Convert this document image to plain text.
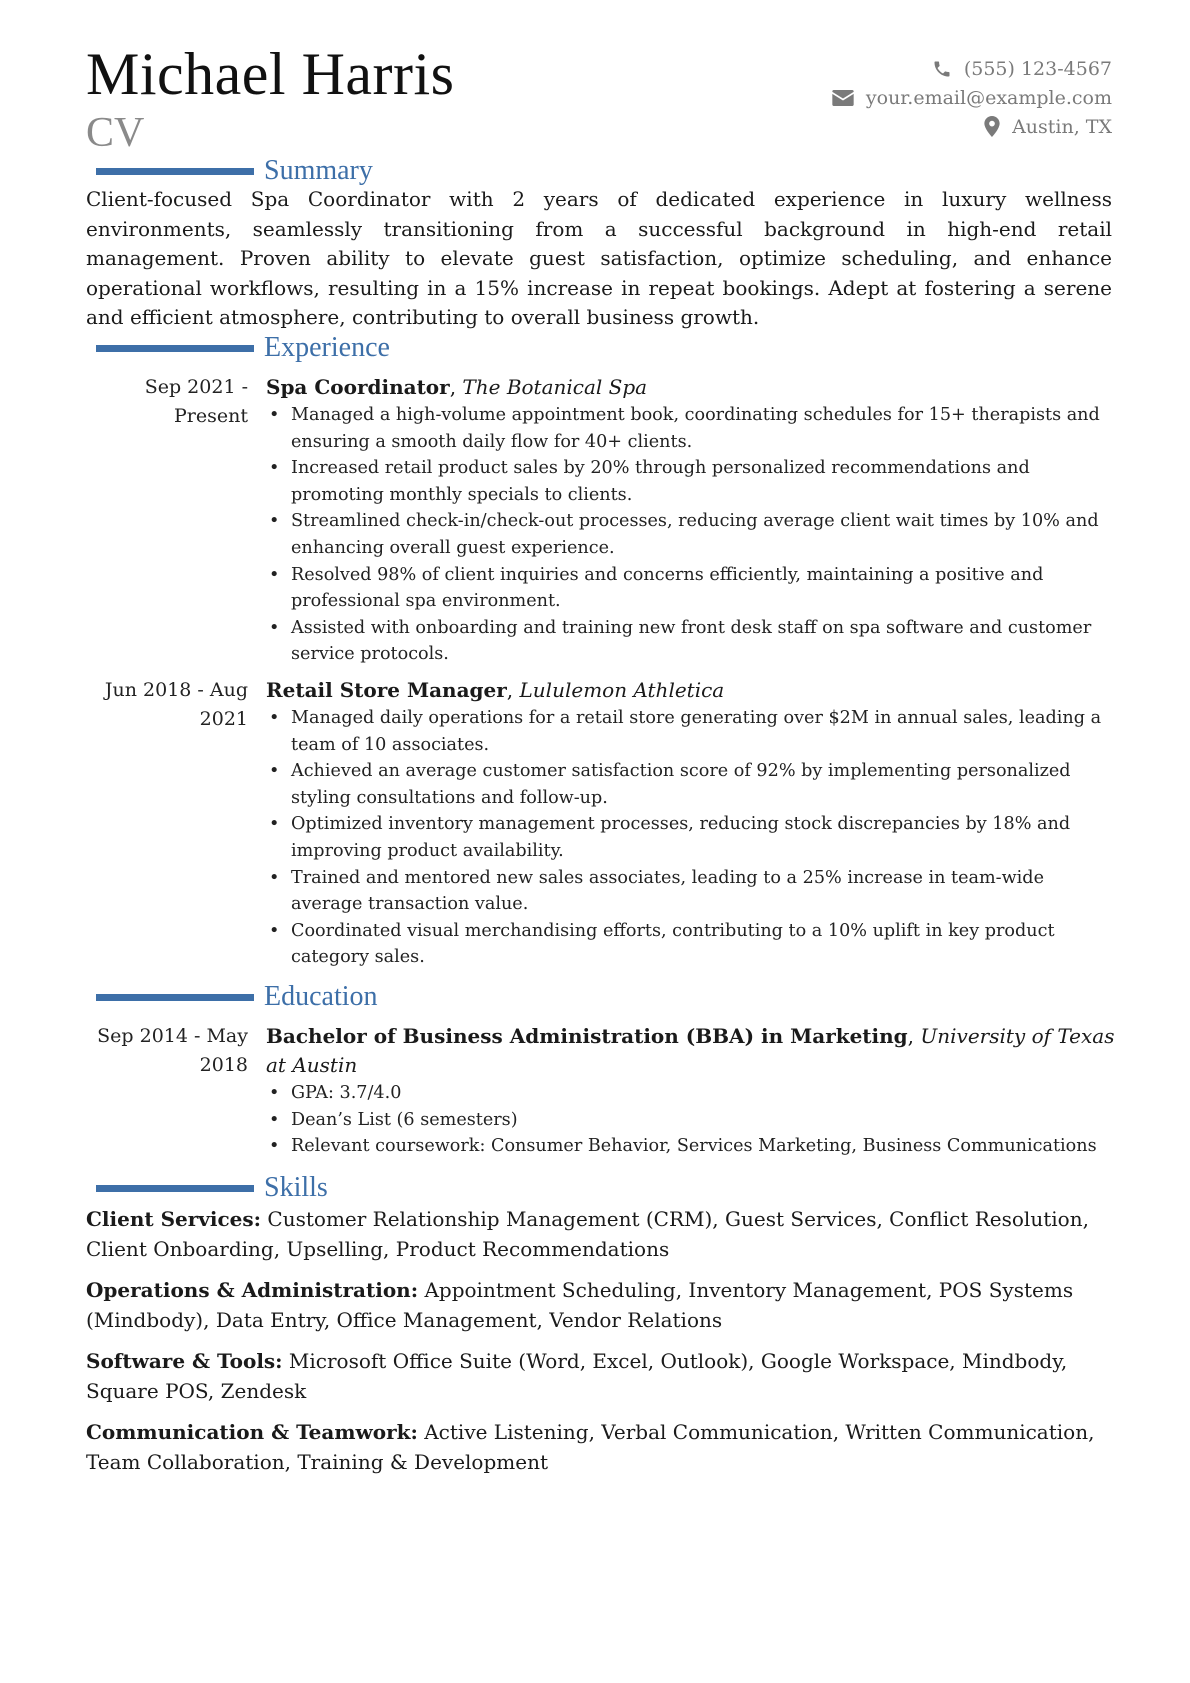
Michael Harris
CV
(555) 123-4567
your.email@example.com
Austin, TX
Summary
Client-focused Spa Coordinator with 2 years of dedicated experience in luxury wellness environments, seamlessly transitioning from a successful background in high-end retail management. Proven ability to elevate guest satisfaction, optimize scheduling, and enhance operational workflows, resulting in a 15% increase in repeat bookings. Adept at fostering a serene and efficient atmosphere, contributing to overall business growth.
Experience
Sep 2021 - Present
Spa Coordinator, The Botanical Spa
• Managed a high-volume appointment book, coordinating schedules for 15+ therapists and ensuring a smooth daily flow for 40+ clients.
• Increased retail product sales by 20% through personalized recommendations and promoting monthly specials to clients.
• Streamlined check-in/check-out processes, reducing average client wait times by 10% and enhancing overall guest experience.
• Resolved 98% of client inquiries and concerns efficiently, maintaining a positive and professional spa environment.
• Assisted with onboarding and training new front desk staff on spa software and customer service protocols.
Jun 2018 - Aug 2021
Retail Store Manager, Lululemon Athletica
• Managed daily operations for a retail store generating over $2M in annual sales, leading a team of 10 associates.
• Achieved an average customer satisfaction score of 92% by implementing personalized styling consultations and follow-up.
• Optimized inventory management processes, reducing stock discrepancies by 18% and improving product availability.
• Trained and mentored new sales associates, leading to a 25% increase in team-wide average transaction value.
• Coordinated visual merchandising efforts, contributing to a 10% uplift in key product category sales.
Education
Sep 2014 - May 2018
Bachelor of Business Administration (BBA) in Marketing, University of Texas at Austin
• GPA: 3.7/4.0
• Dean’s List (6 semesters)
• Relevant coursework: Consumer Behavior, Services Marketing, Business Communications
Skills
Client Services: Customer Relationship Management (CRM), Guest Services, Conflict Resolution, Client Onboarding, Upselling, Product Recommendations
Operations & Administration: Appointment Scheduling, Inventory Management, POS Systems (Mindbody), Data Entry, Office Management, Vendor Relations
Software & Tools: Microsoft Office Suite (Word, Excel, Outlook), Google Workspace, Mindbody, Square POS, Zendesk
Communication & Teamwork: Active Listening, Verbal Communication, Written Communication, Team Collaboration, Training & Development
